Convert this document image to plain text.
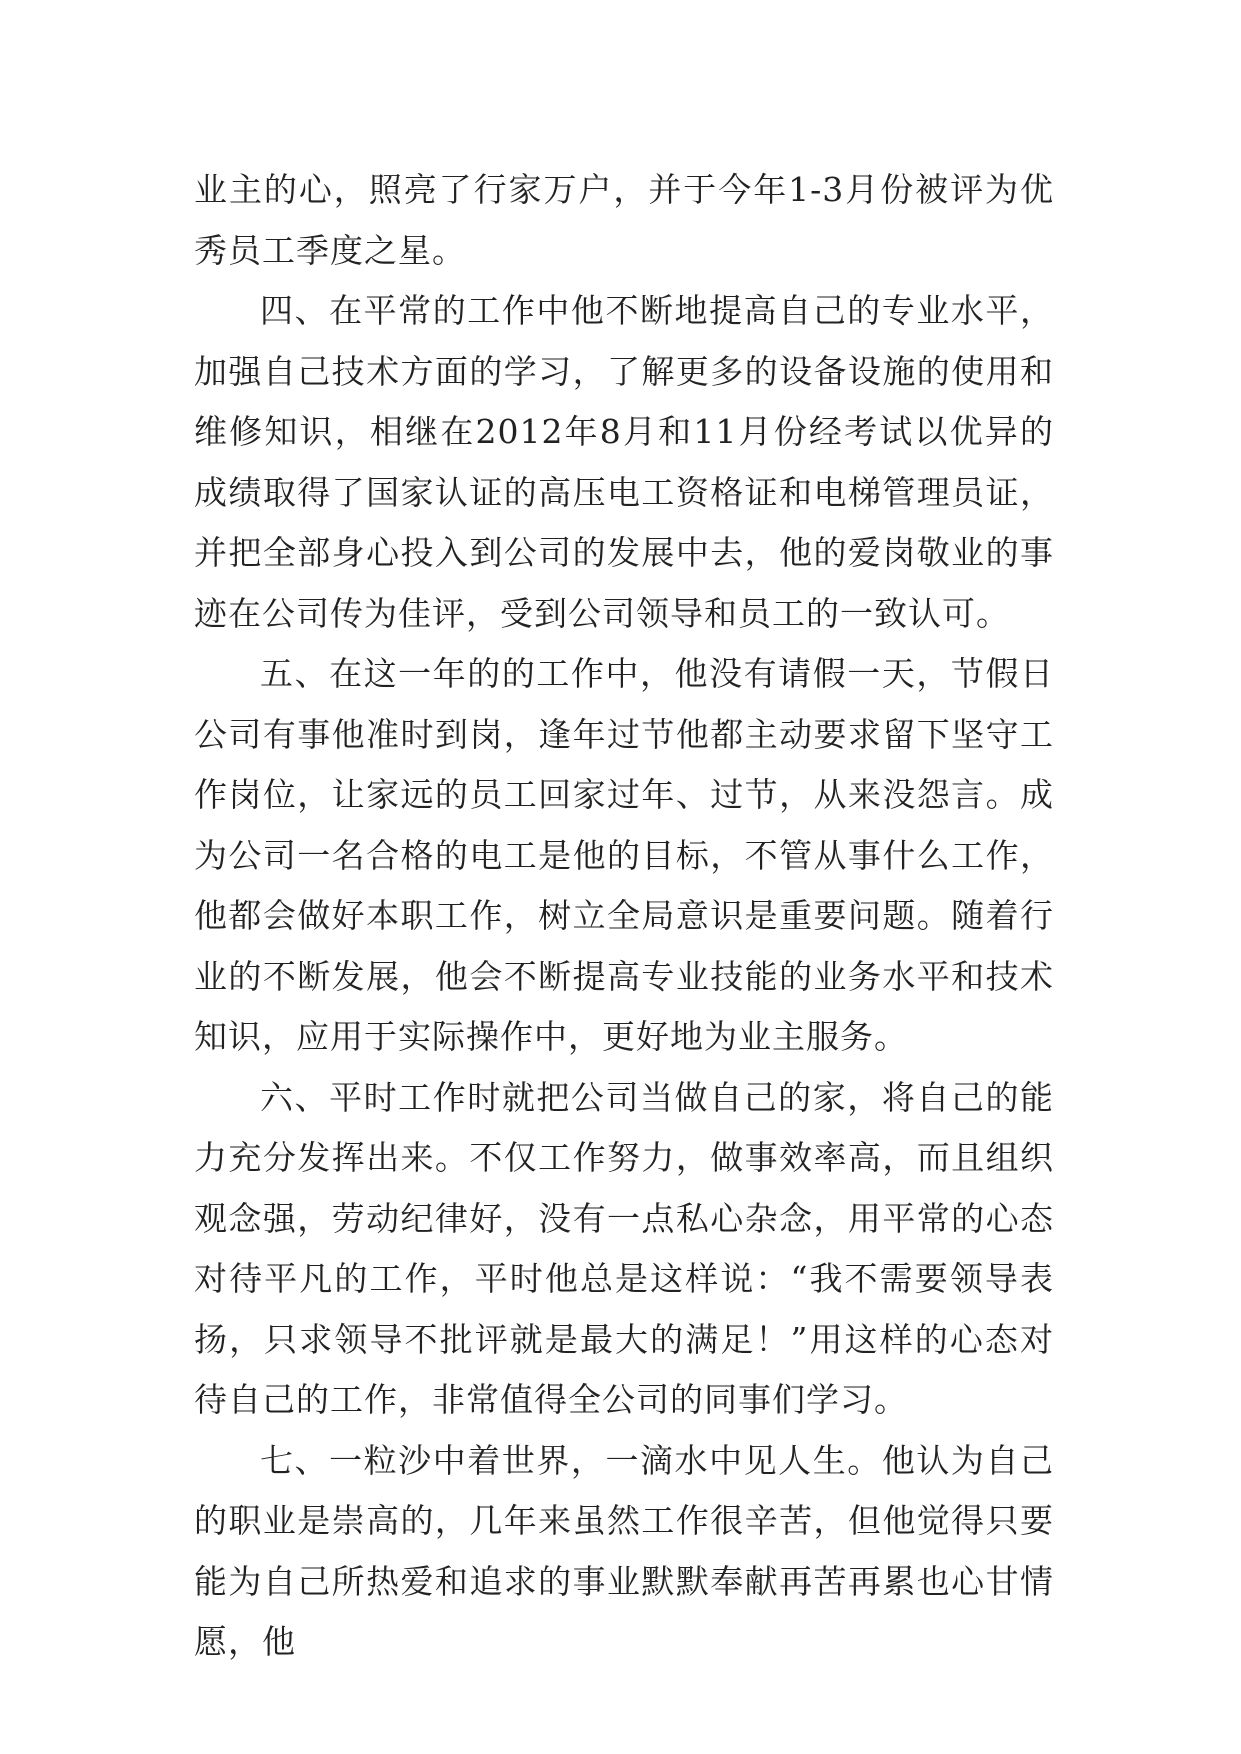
业主的心，照亮了行家万户，并于今年1-3月份被评为优秀员工季度之星。

四、在平常的工作中他不断地提高自己的专业水平，加强自己技术方面的学习，了解更多的设备设施的使用和维修知识，相继在2012年8月和11月份经考试以优异的成绩取得了国家认证的高压电工资格证和电梯管理员证，并把全部身心投入到公司的发展中去，他的爱岗敬业的事迹在公司传为佳评，受到公司领导和员工的一致认可。

五、在这一年的的工作中，他没有请假一天，节假日公司有事他准时到岗，逢年过节他都主动要求留下坚守工作岗位，让家远的员工回家过年、过节，从来没怨言。成为公司一名合格的电工是他的目标，不管从事什么工作，他都会做好本职工作，树立全局意识是重要问题。随着行业的不断发展，他会不断提高专业技能的业务水平和技术知识，应用于实际操作中，更好地为业主服务。

六、平时工作时就把公司当做自己的家，将自己的能力充分发挥出来。不仅工作努力，做事效率高，而且组织观念强，劳动纪律好，没有一点私心杂念，用平常的心态对待平凡的工作，平时他总是这样说：“我不需要领导表扬，只求领导不批评就是最大的满足！”用这样的心态对待自己的工作，非常值得全公司的同事们学习。

七、一粒沙中着世界，一滴水中见人生。他认为自己的职业是崇高的，几年来虽然工作很辛苦，但他觉得只要能为自己所热爱和追求的事业默默奉献再苦再累也心甘情愿，他
